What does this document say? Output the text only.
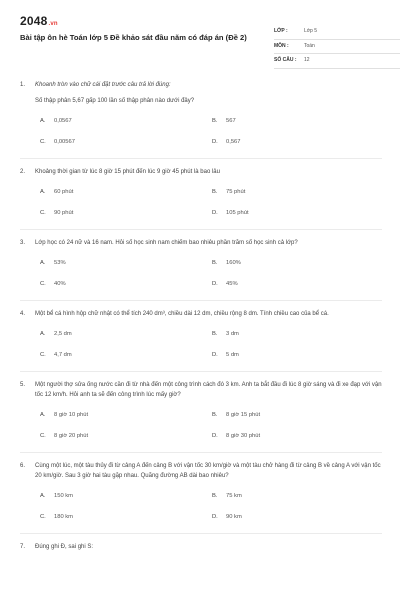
2048.vn
Bài tập ôn hè Toán lớp 5 Đề khảo sát đầu năm có đáp án (Đề 2)
LỚP :	Lớp 5
MÔN :	Toán
SỐ CÂU : 12
1. Khoanh tròn vào chữ cái đặt trước câu trả lời đúng:
Số thập phân 5,67 gấp 100 lần số thập phân nào dưới đây?
A. 0,0567	B. 567
C. 0,00567	D. 0,567
2. Khoảng thời gian từ lúc 8 giờ 15 phút đến lúc 9 giờ 45 phút là bao lâu
A. 60 phút	B. 75 phút
C. 90 phút	D. 105 phút
3. Lớp học có 24 nữ và 16 nam. Hỏi số học sinh nam chiếm bao nhiêu phần trăm số học sinh cả lớp?
A. 53%	B. 160%
C. 40%	D. 45%
4. Một bể cá hình hộp chữ nhật có thể tích 240 dm³, chiều dài 12 dm, chiều rộng 8 dm. Tính chiều cao của bể cá.
A. 2,5 dm	B. 3 dm
C. 4,7 dm	D. 5 dm
5. Một người thợ sửa ống nước cần đi từ nhà đến một công trình cách đó 3 km. Anh ta bắt đầu đi lúc 8 giờ sáng và đi xe đạp với vận tốc 12 km/h. Hỏi anh ta sẽ đến công trình lúc mấy giờ?
A. 8 giờ 10 phút	B. 8 giờ 15 phút
C. 8 giờ 20 phút	D. 8 giờ 30 phút
6. Cùng một lúc, một tàu thủy đi từ cảng A đến cảng B với vận tốc 30 km/giờ và một tàu chở hàng đi từ cảng B về cảng A với vận tốc 20 km/giờ. Sau 3 giờ hai tàu gặp nhau. Quãng đường AB dài bao nhiêu?
A. 150 km	B. 75 km
C. 180 km	D. 90 km
7. Đúng ghi Đ, sai ghi S:
